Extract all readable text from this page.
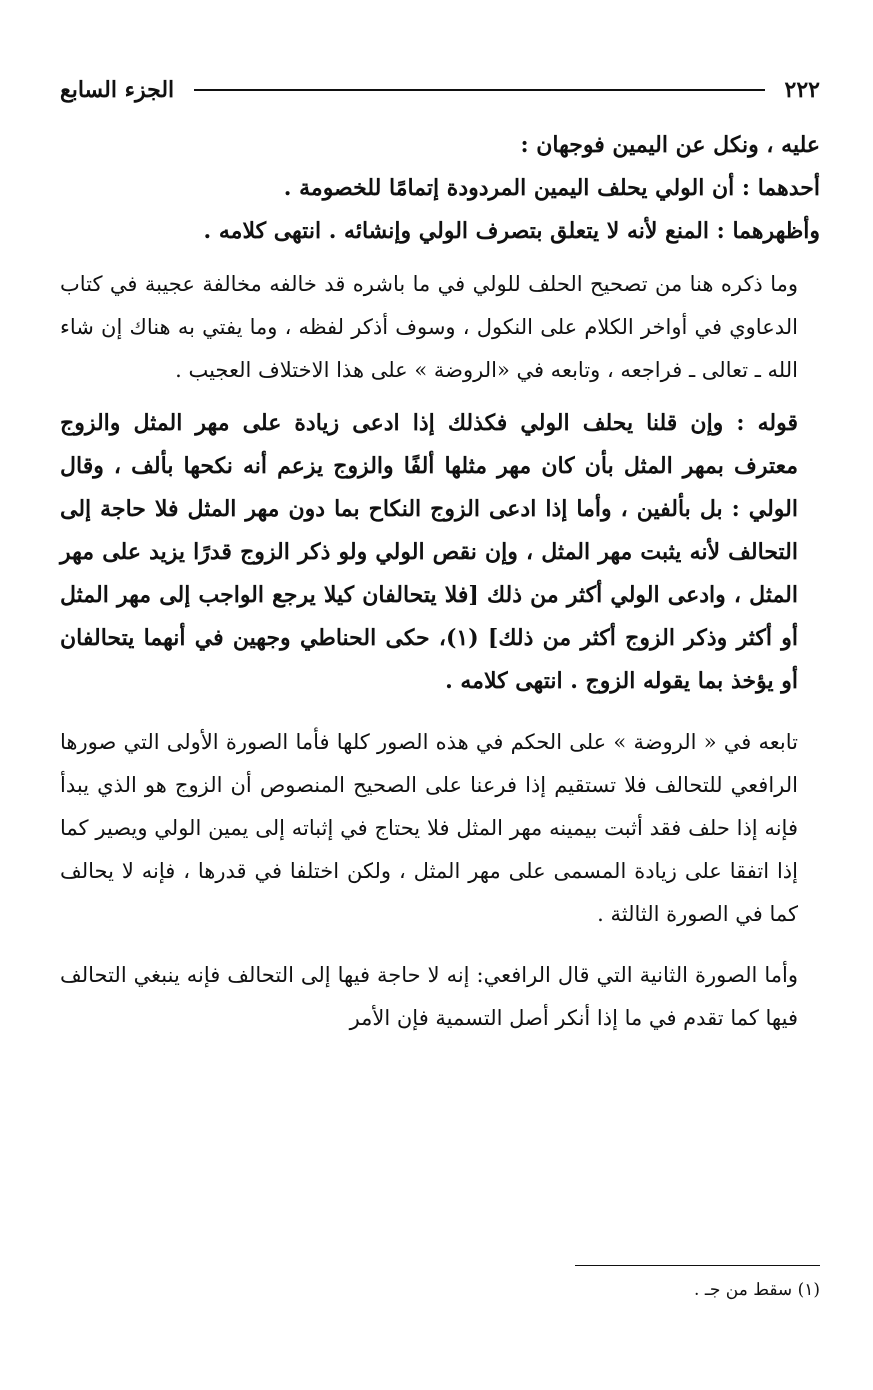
٢٢٢
الجزء السابع

عليه ، ونكل عن اليمين فوجهان :

أحدهما : أن الولي يحلف اليمين المردودة إتمامًا للخصومة .

وأظهرهما : المنع لأنه لا يتعلق بتصرف الولي وإنشائه . انتهى كلامه .

وما ذكره هنا من تصحيح الحلف للولي في ما باشره قد خالفه مخالفة عجيبة في كتاب الدعاوي في أواخر الكلام على النكول ، وسوف أذكر لفظه ، وما يفتي به هناك إن شاء الله ـ تعالى ـ فراجعه ، وتابعه في «الروضة » على هذا الاختلاف العجيب .

قوله : وإن قلنا يحلف الولي فكذلك إذا ادعى زيادة على مهر المثل والزوج معترف بمهر المثل بأن كان مهر مثلها ألفًا والزوج يزعم أنه نكحها بألف ، وقال الولي : بل بألفين ، وأما إذا ادعى الزوج النكاح بما دون مهر المثل فلا حاجة إلى التحالف لأنه يثبت مهر المثل ، وإن نقص الولي ولو ذكر الزوج قدرًا يزيد على مهر المثل ، وادعى الولي أكثر من ذلك [فلا يتحالفان كيلا يرجع الواجب إلى مهر المثل أو أكثر وذكر الزوج أكثر من ذلك] (١)، حكى الحناطي وجهين في أنهما يتحالفان أو يؤخذ بما يقوله الزوج . انتهى كلامه .

تابعه في « الروضة » على الحكم في هذه الصور كلها فأما الصورة الأولى التي صورها الرافعي للتحالف فلا تستقيم إذا فرعنا على الصحيح المنصوص أن الزوج هو الذي يبدأ فإنه إذا حلف فقد أثبت بيمينه مهر المثل فلا يحتاج في إثباته إلى يمين الولي ويصير كما إذا اتفقا على زيادة المسمى على مهر المثل ، ولكن اختلفا في قدرها ، فإنه لا يحالف كما في الصورة الثالثة .

وأما الصورة الثانية التي قال الرافعي: إنه لا حاجة فيها إلى التحالف فإنه ينبغي التحالف فيها كما تقدم في ما إذا أنكر أصل التسمية فإن الأمر

(١) سقط من جـ .
